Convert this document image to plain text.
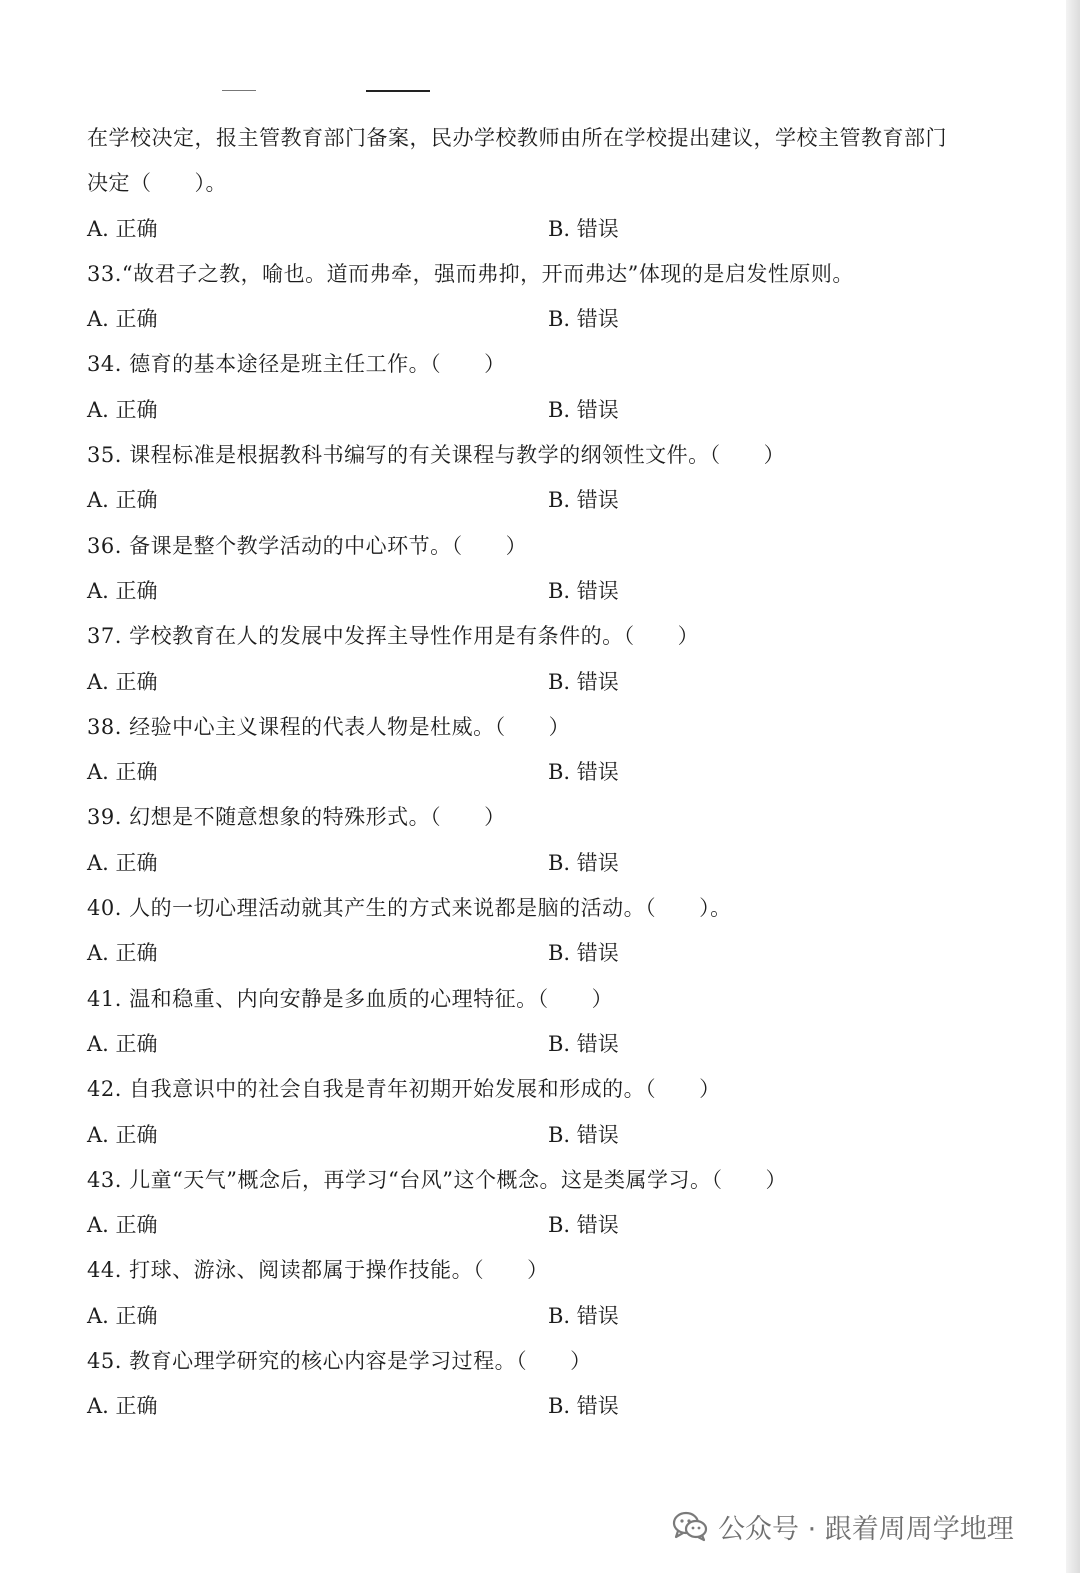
在学校决定，报主管教育部门备案，民办学校教师由所在学校提出建议，学校主管教育部门
决定（　　）。
A. 正确	B. 错误
33.“故君子之教，喻也。道而弗牵，强而弗抑，开而弗达”体现的是启发性原则。
A. 正确	B. 错误
34. 德育的基本途径是班主任工作。（　　）
A. 正确	B. 错误
35. 课程标准是根据教科书编写的有关课程与教学的纲领性文件。（　　）
A. 正确	B. 错误
36. 备课是整个教学活动的中心环节。（　　）
A. 正确	B. 错误
37. 学校教育在人的发展中发挥主导性作用是有条件的。（　　）
A. 正确	B. 错误
38. 经验中心主义课程的代表人物是杜威。（　　）
A. 正确	B. 错误
39. 幻想是不随意想象的特殊形式。（　　）
A. 正确	B. 错误
40. 人的一切心理活动就其产生的方式来说都是脑的活动。（　　）。
A. 正确	B. 错误
41. 温和稳重、内向安静是多血质的心理特征。（　　）
A. 正确	B. 错误
42. 自我意识中的社会自我是青年初期开始发展和形成的。（　　）
A. 正确	B. 错误
43. 儿童“天气”概念后，再学习“台风”这个概念。这是类属学习。（　　）
A. 正确	B. 错误
44. 打球、游泳、阅读都属于操作技能。（　　）
A. 正确	B. 错误
45. 教育心理学研究的核心内容是学习过程。（　　）
A. 正确	B. 错误
公众号 · 跟着周周学地理
